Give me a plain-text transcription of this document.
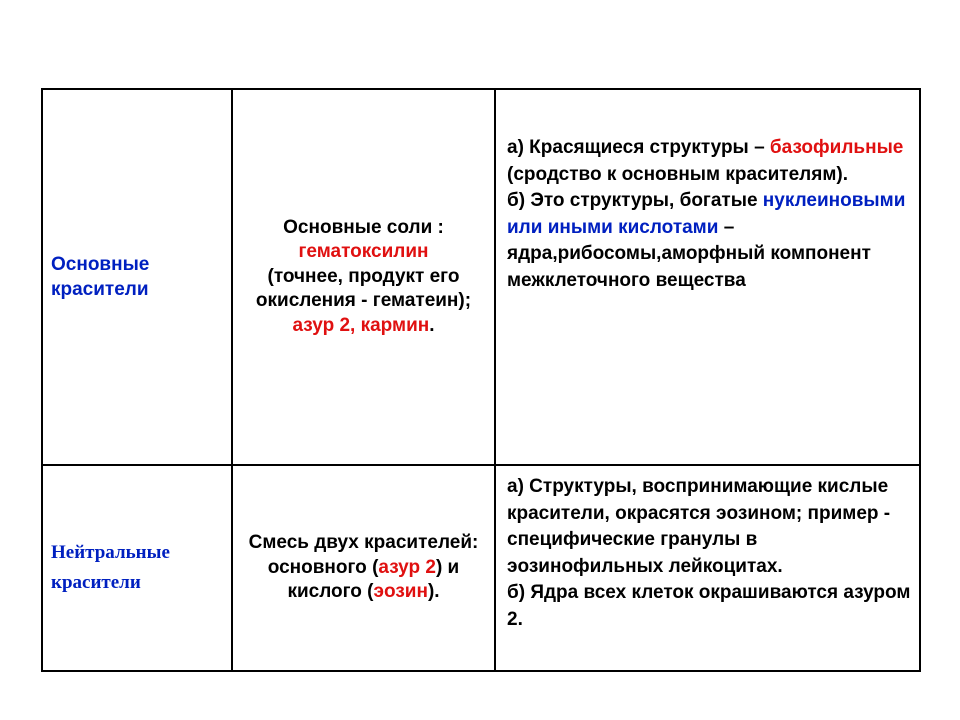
Основные красители	Основные соли :
гематоксилин
(точнее, продукт его окисления - гематеин);
азур 2, кармин.	а) Красящиеся структуры – базофильные (сродство к основным красителям).
б) Это структуры, богатые нуклеиновыми или иными кислотами – ядра,рибосомы,аморфный компонент межклеточного вещества
Нейтральные красители	Смесь двух красителей: основного (азур 2) и кислого (эозин).	а) Структуры, воспринимающие кислые красители, окрасятся эозином; пример - специфические гранулы в эозинофильных лейкоцитах.
б) Ядра всех клеток окрашиваются азуром 2.
